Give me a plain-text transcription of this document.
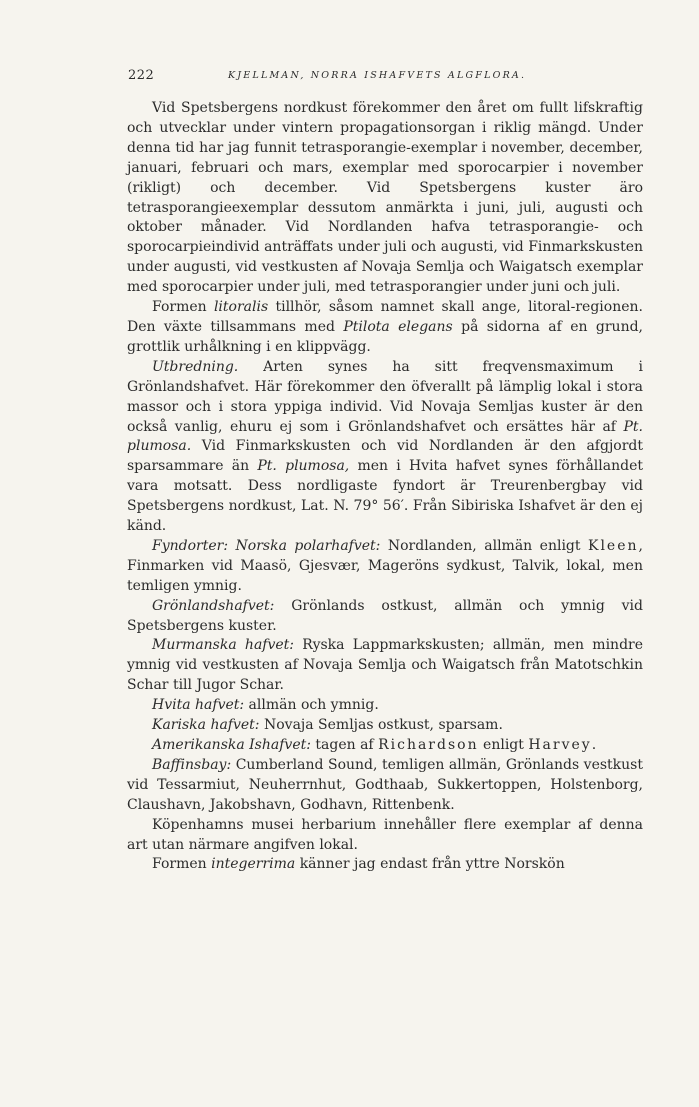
222	KJELLMAN, NORRA ISHAFVETS ALGFLORA.

Vid Spetsbergens nordkust förekommer den året om fullt lifskraftig och utvecklar under vintern propagationsorgan i riklig mängd. Under denna tid har jag funnit tetrasporangie-exemplar i november, december, januari, februari och mars, exemplar med sporocarpier i november (rikligt) och december. Vid Spetsbergens kuster äro tetrasporangieexemplar dessutom anmärkta i juni, juli, augusti och oktober månader. Vid Nordlanden hafva tetrasporangie- och sporocarpieindivid anträffats under juli och augusti, vid Finmarkskusten under augusti, vid vestkusten af Novaja Semlja och Waigatsch exemplar med sporocarpier under juli, med tetrasporangier under juni och juli.

Formen litoralis tillhör, såsom namnet skall ange, litoral-regionen. Den växte tillsammans med Ptilota elegans på sidorna af en grund, grottlik urhålkning i en klippvägg.

Utbredning. Arten synes ha sitt freqvensmaximum i Grönlandshafvet. Här förekommer den öfverallt på lämplig lokal i stora massor och i stora yppiga individ. Vid Novaja Semljas kuster är den också vanlig, ehuru ej som i Grönlandshafvet och ersättes här af Pt. plumosa. Vid Finmarkskusten och vid Nordlanden är den afgjordt sparsammare än Pt. plumosa, men i Hvita hafvet synes förhållandet vara motsatt. Dess nordligaste fyndort är Treurenbergbay vid Spetsbergens nordkust, Lat. N. 79° 56′. Från Sibiriska Ishafvet är den ej känd.

Fyndorter: Norska polarhafvet: Nordlanden, allmän enligt Kleen, Finmarken vid Maasö, Gjesvær, Mageröns sydkust, Talvik, lokal, men temligen ymnig.

Grönlandshafvet: Grönlands ostkust, allmän och ymnig vid Spetsbergens kuster.

Murmanska hafvet: Ryska Lappmarkskusten; allmän, men mindre ymnig vid vestkusten af Novaja Semlja och Waigatsch från Matotschkin Schar till Jugor Schar.

Hvita hafvet: allmän och ymnig.

Kariska hafvet: Novaja Semljas ostkust, sparsam.

Amerikanska Ishafvet: tagen af Richardson enligt Harvey.

Baffinsbay: Cumberland Sound, temligen allmän, Grönlands vestkust vid Tessarmiut, Neuherrnhut, Godthaab, Sukkertoppen, Holstenborg, Claushavn, Jakobshavn, Godhavn, Rittenbenk.

Köpenhamns musei herbarium innehåller flere exemplar af denna art utan närmare angifven lokal.

Formen integerrima känner jag endast från yttre Norskön
